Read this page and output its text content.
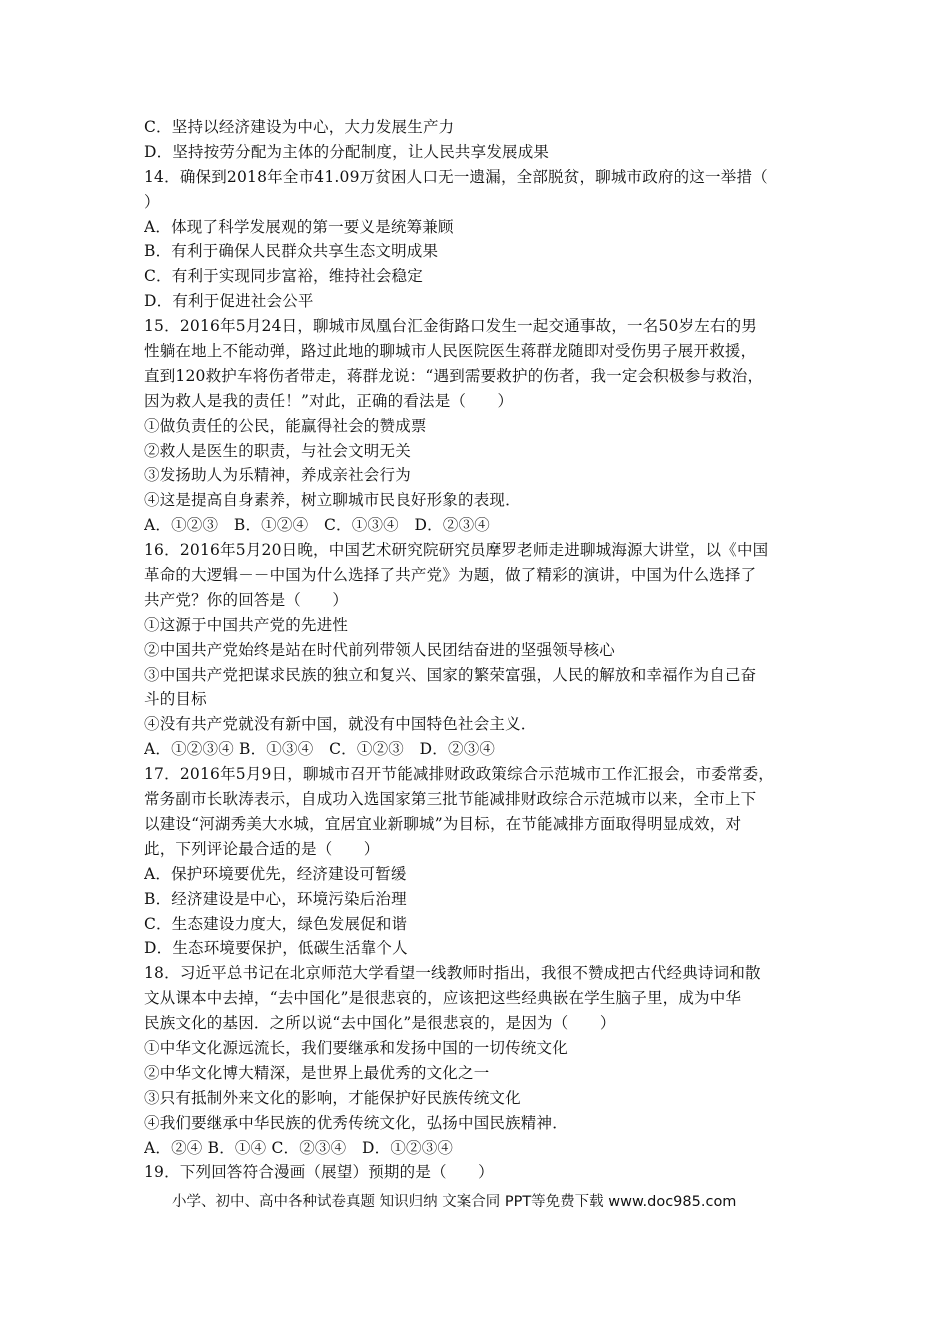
C．坚持以经济建设为中心，大力发展生产力
D．坚持按劳分配为主体的分配制度，让人民共享发展成果
14．确保到2018年全市41.09万贫困人口无一遗漏，全部脱贫，聊城市政府的这一举措（
）
A．体现了科学发展观的第一要义是统筹兼顾
B．有利于确保人民群众共享生态文明成果
C．有利于实现同步富裕，维持社会稳定
D．有利于促进社会公平
15．2016年5月24日，聊城市凤凰台汇金街路口发生一起交通事故，一名50岁左右的男
性躺在地上不能动弹，路过此地的聊城市人民医院医生蒋群龙随即对受伤男子展开救援，
直到120救护车将伤者带走，蒋群龙说：“遇到需要救护的伤者，我一定会积极参与救治，
因为救人是我的责任！”对此，正确的看法是（　　）
①做负责任的公民，能赢得社会的赞成票
②救人是医生的职责，与社会文明无关
③发扬助人为乐精神，养成亲社会行为
④这是提高自身素养，树立聊城市民良好形象的表现．
A．①②③　B．①②④　C．①③④　D．②③④
16．2016年5月20日晚，中国艺术研究院研究员摩罗老师走进聊城海源大讲堂，以《中国
革命的大逻辑－－中国为什么选择了共产党》为题，做了精彩的演讲，中国为什么选择了
共产党？你的回答是（　　）
①这源于中国共产党的先进性
②中国共产党始终是站在时代前列带领人民团结奋进的坚强领导核心
③中国共产党把谋求民族的独立和复兴、国家的繁荣富强，人民的解放和幸福作为自己奋
斗的目标
④没有共产党就没有新中国，就没有中国特色社会主义．
A．①②③④ B．①③④　C．①②③　D．②③④
17．2016年5月9日，聊城市召开节能减排财政政策综合示范城市工作汇报会，市委常委，
常务副市长耿涛表示，自成功入选国家第三批节能减排财政综合示范城市以来，全市上下
以建设“河湖秀美大水城，宜居宜业新聊城”为目标，在节能减排方面取得明显成效，对
此，下列评论最合适的是（　　）
A．保护环境要优先，经济建设可暂缓
B．经济建设是中心，环境污染后治理
C．生态建设力度大，绿色发展促和谐
D．生态环境要保护，低碳生活靠个人
18．习近平总书记在北京师范大学看望一线教师时指出，我很不赞成把古代经典诗词和散
文从课本中去掉，“去中国化”是很悲哀的，应该把这些经典嵌在学生脑子里，成为中华
民族文化的基因．之所以说“去中国化”是很悲哀的，是因为（　　）
①中华文化源远流长，我们要继承和发扬中国的一切传统文化
②中华文化博大精深，是世界上最优秀的文化之一
③只有抵制外来文化的影响，才能保护好民族传统文化
④我们要继承中华民族的优秀传统文化，弘扬中国民族精神．
A．②④ B．①④ C．②③④　D．①②③④
19．下列回答符合漫画（展望）预期的是（　　）
小学、初中、高中各种试卷真题 知识归纳 文案合同 PPT等免费下载 www.doc985.com
